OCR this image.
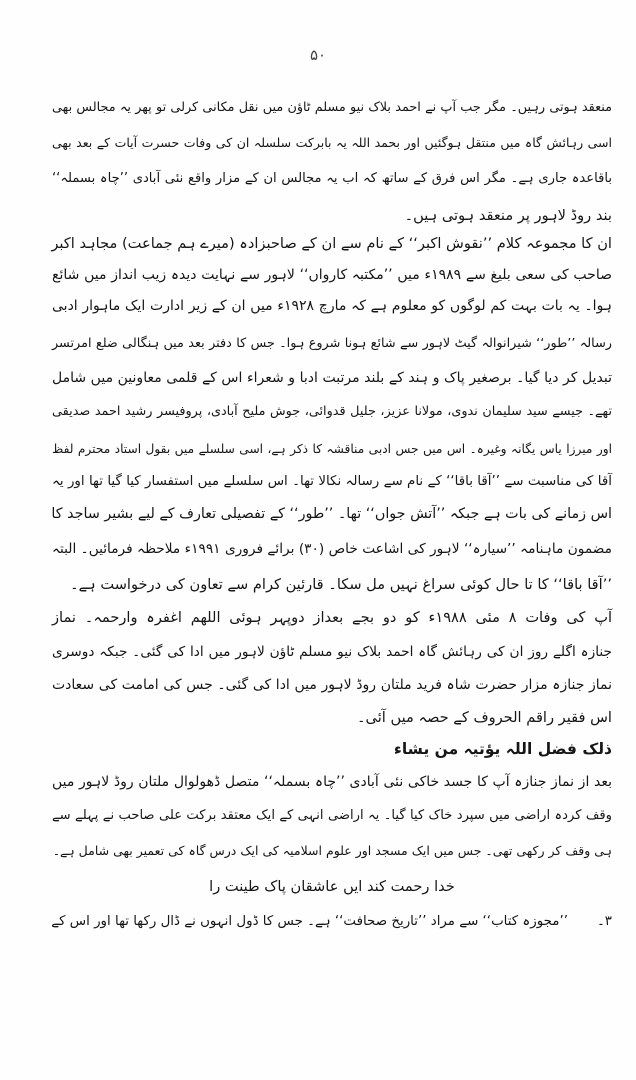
۵۰
منعقد ہوتی رہیں۔ مگر جب آپ نے احمد بلاک نیو مسلم ٹاؤن میں نقل مکانی کرلی تو پھر یہ مجالس بھی
اسی رہائش گاہ میں منتقل ہوگئیں اور بحمد اللہ یہ بابرکت سلسلہ ان کی وفات حسرت آیات کے بعد بھی
باقاعدہ جاری ہے۔ مگر اس فرق کے ساتھ کہ اب یہ مجالس ان کے مزار واقع نئی آبادی ’’چاہ بسملہ‘‘
بند روڈ لاہور پر منعقد ہوتی ہیں۔
ان کا مجموعہ کلام ’’نقوش اکبر‘‘ کے نام سے ان کے صاحبزادہ (میرے ہم جماعت) مجاہد اکبر
صاحب کی سعی بلیغ سے ۱۹۸۹ء میں ’’مکتبہ کارواں‘‘ لاہور سے نہایت دیدہ زیب انداز میں شائع
ہوا۔ یہ بات بہت کم لوگوں کو معلوم ہے کہ مارچ ۱۹۲۸ء میں ان کے زیر ادارت ایک ماہوار ادبی
رسالہ ’’طور‘‘ شیرانوالہ گیٹ لاہور سے شائع ہونا شروع ہوا۔ جس کا دفتر بعد میں ہنگالی ضلع امرتسر
تبدیل کر دیا گیا۔ برصغیر پاک و ہند کے بلند مرتبت ادبا و شعراء اس کے قلمی معاونین میں شامل
تھے۔ جیسے سید سلیمان ندوی، مولانا عزیز، جلیل قدوائی، جوش ملیح آبادی، پروفیسر رشید احمد صدیقی
اور میرزا یاس یگانہ وغیرہ۔ اس میں جس ادبی مناقشہ کا ذکر ہے، اسی سلسلے میں بقول استاد محترم لفظ
آقا کی مناسبت سے ’’آقا باقا‘‘ کے نام سے رسالہ نکالا تھا۔ اس سلسلے میں استفسار کیا گیا تھا اور یہ
اس زمانے کی بات ہے جبکہ ’’آتش جواں‘‘ تھا۔ ’’طور‘‘ کے تفصیلی تعارف کے لیے بشیر ساجد کا
مضمون ماہنامہ ’’سیارہ‘‘ لاہور کی اشاعت خاص (۳۰) برائے فروری ۱۹۹۱ء ملاحظہ فرمائیں۔ البتہ
’’آقا باقا‘‘ کا تا حال کوئی سراغ نہیں مل سکا۔ قارئین کرام سے تعاون کی درخواست ہے۔
آپ کی وفات ۸ مئی ۱۹۸۸ء کو دو بجے بعداز دوپہر ہوئی اللھم اغفرہ وارحمہ۔ نماز
جنازہ اگلے روز ان کی رہائش گاہ احمد بلاک نیو مسلم ٹاؤن لاہور میں ادا کی گئی۔ جبکہ دوسری
نماز جنازہ مزار حضرت شاہ فرید ملتان روڈ لاہور میں ادا کی گئی۔ جس کی امامت کی سعادت
اس فقیر راقم الحروف کے حصہ میں آئی۔
ذلک فضل اللہ یؤتیہ من یشاء
بعد از نماز جنازہ آپ کا جسد خاکی نئی آبادی ’’چاہ بسملہ‘‘ متصل ڈھولوال ملتان روڈ لاہور میں
وقف کردہ اراضی میں سپرد خاک کیا گیا۔ یہ اراضی انہی کے ایک معتقد برکت علی صاحب نے پہلے سے
ہی وقف کر رکھی تھی۔ جس میں ایک مسجد اور علوم اسلامیہ کی ایک درس گاہ کی تعمیر بھی شامل ہے۔
خدا رحمت کند ایں عاشقان پاک طینت را
۳۔
’’مجوزہ کتاب‘‘ سے مراد ’’تاریخ صحافت‘‘ ہے۔ جس کا ڈول انہوں نے ڈال رکھا تھا اور اس کے
